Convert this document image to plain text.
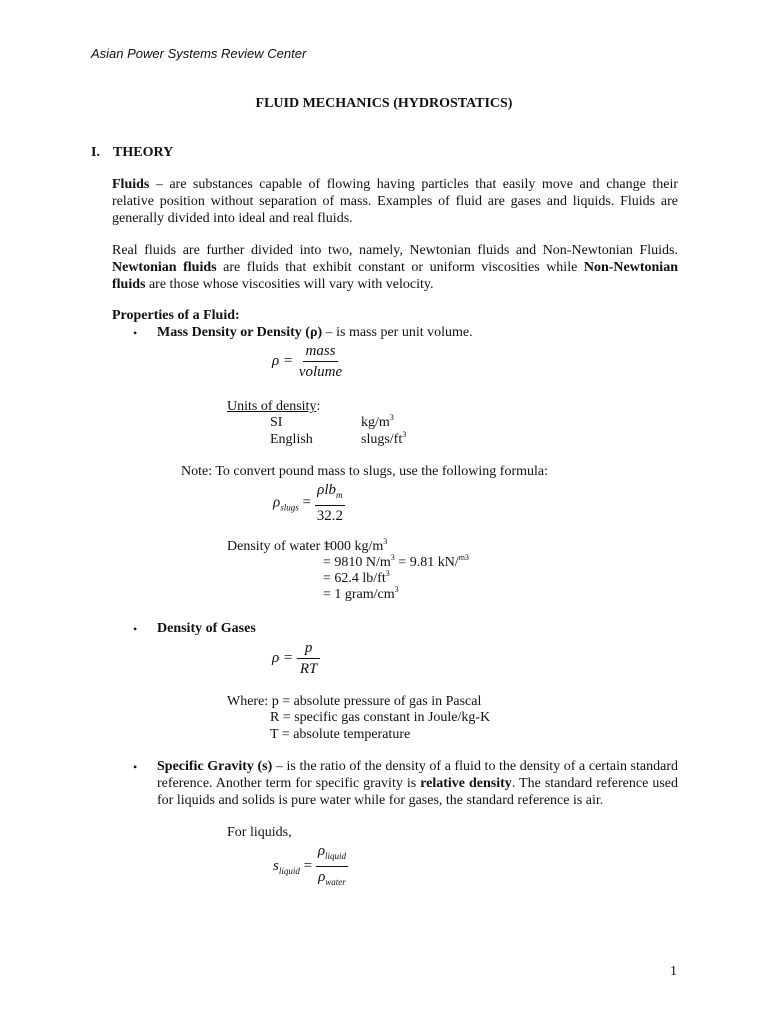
Asian Power Systems Review Center
FLUID MECHANICS (HYDROSTATICS)
I. THEORY
Fluids – are substances capable of flowing having particles that easily move and change their relative position without separation of mass. Examples of fluid are gases and liquids. Fluids are generally divided into ideal and real fluids.
Real fluids are further divided into two, namely, Newtonian fluids and Non-Newtonian Fluids. Newtonian fluids are fluids that exhibit constant or uniform viscosities while Non-Newtonian fluids are those whose viscosities will vary with velocity.
Properties of a Fluid:
• Mass Density or Density (ρ) – is mass per unit volume.
$\rho = \frac{\text{mass}}{\text{volume}}$
Units of density:
SI	$kg/m^3$
English	slugs/$ft^3$
Note: To convert pound mass to slugs, use the following formula:
$\rho_{slugs} = \frac{\rho lb_m}{32.2}$
Density of water =
1000 $kg/m^3$
= 9810 $N/m^3 = 9.81$ kN/$^{m3}$
= 62.4 $lb/ft^3$
= 1 gram/$cm^3$
• Density of Gases
$\rho = \frac{p}{RT}$
Where: p = absolute pressure of gas in Pascal
R = specific gas constant in Joule/kg-K
T = absolute temperature
• Specific Gravity (s) – is the ratio of the density of a fluid to the density of a certain standard reference. Another term for specific gravity is relative density. The standard reference used for liquids and solids is pure water while for gases, the standard reference is air.
For liquids,
$s_{liquid} = \frac{\rho_{liquid}}{\rho_{water}}$
1
